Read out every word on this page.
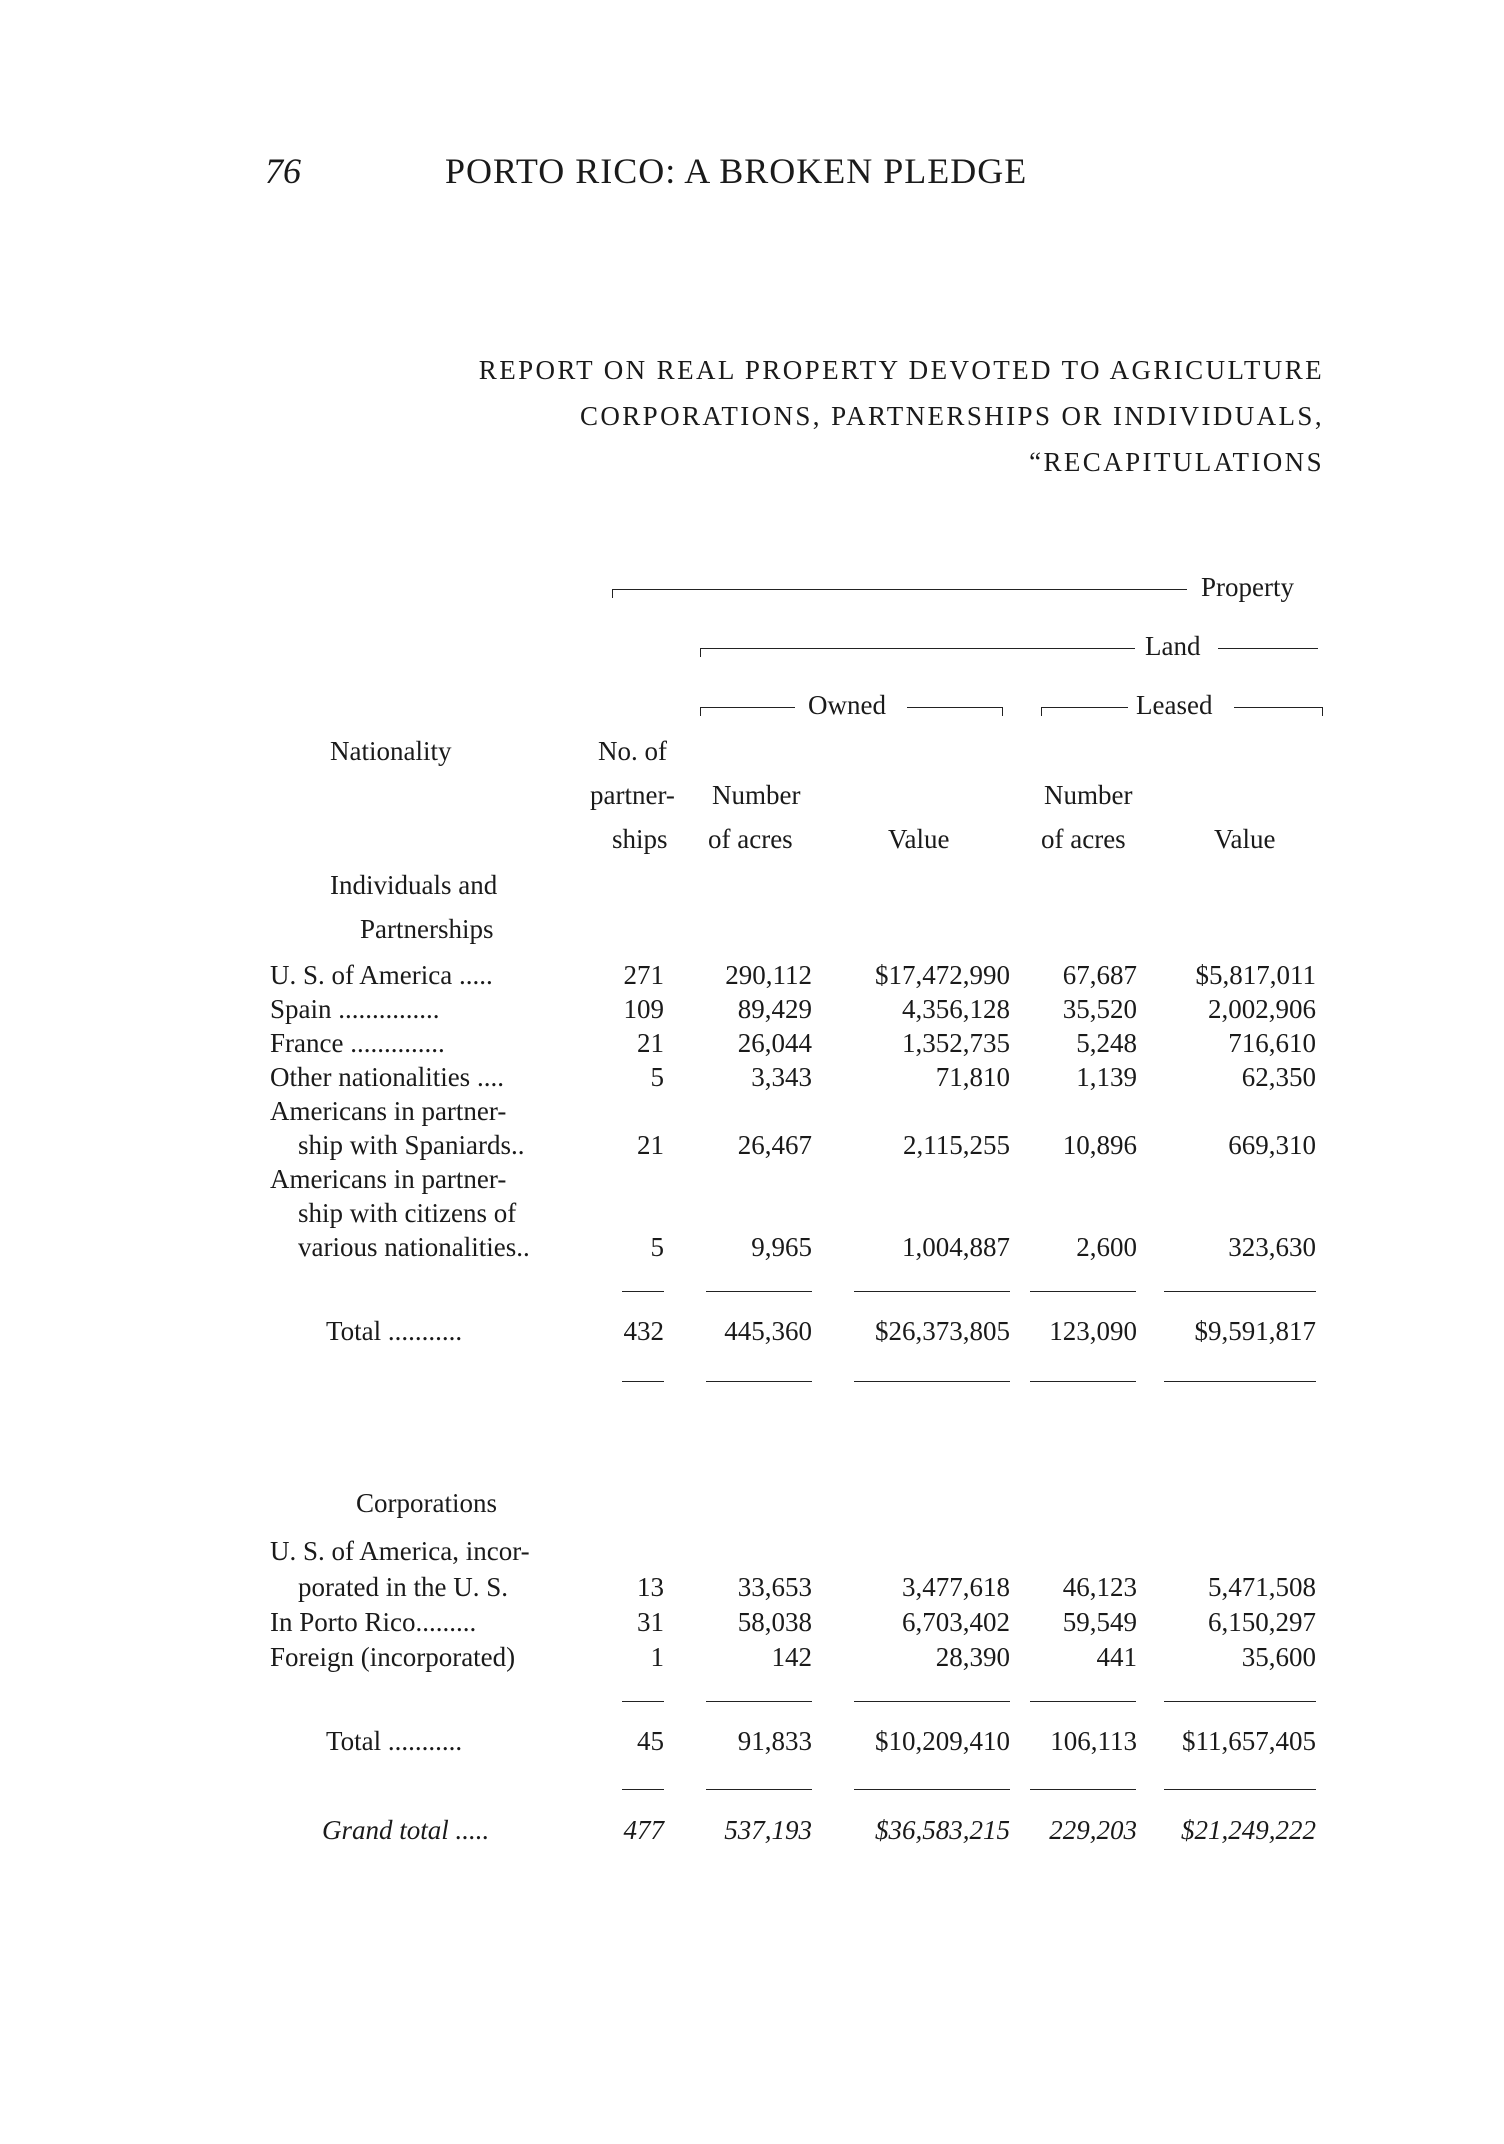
76	PORTO RICO: A BROKEN PLEDGE
REPORT ON REAL PROPERTY DEVOTED TO AGRICULTURE
CORPORATIONS, PARTNERSHIPS OR INDIVIDUALS,
“RECAPITULATIONS
Property
Land
Owned	Leased
Nationality	No. of
partner-
ships
Number
of acres	Value
Number
of acres	Value
Individuals and
Partnerships
U. S. of America .....	271 290,112 $17,472,990 67,687 $5,817,011
Spain ...............	109	89,429	4,356,128 35,520	2,002,906
France ..............	21	26,044	1,352,735 5,248	716,610
Other nationalities ....	5	3,343	71,810 1,139	62,350
Americans in partner-
ship with Spaniards..	21	26,467	2,115,255 10,896	669,310
Americans in partner-
ship with citizens of
various nationalities..	5	9,965	1,004,887 2,600	323,630
Total ...........	432 445,360 $26,373,805 123,090 $9,591,817
Corporations
U. S. of America, incor-
porated in the U. S.	13	33,653	3,477,618 46,123	5,471,508
In Porto Rico.........	31	58,038	6,703,402 59,549	6,150,297
Foreign (incorporated)	1	142	28,390	441	35,600
Total ...........	45	91,833 $10,209,410 106,113 $11,657,405
Grand total .....	477 537,193 $36,583,215 229,203 $21,249,222
